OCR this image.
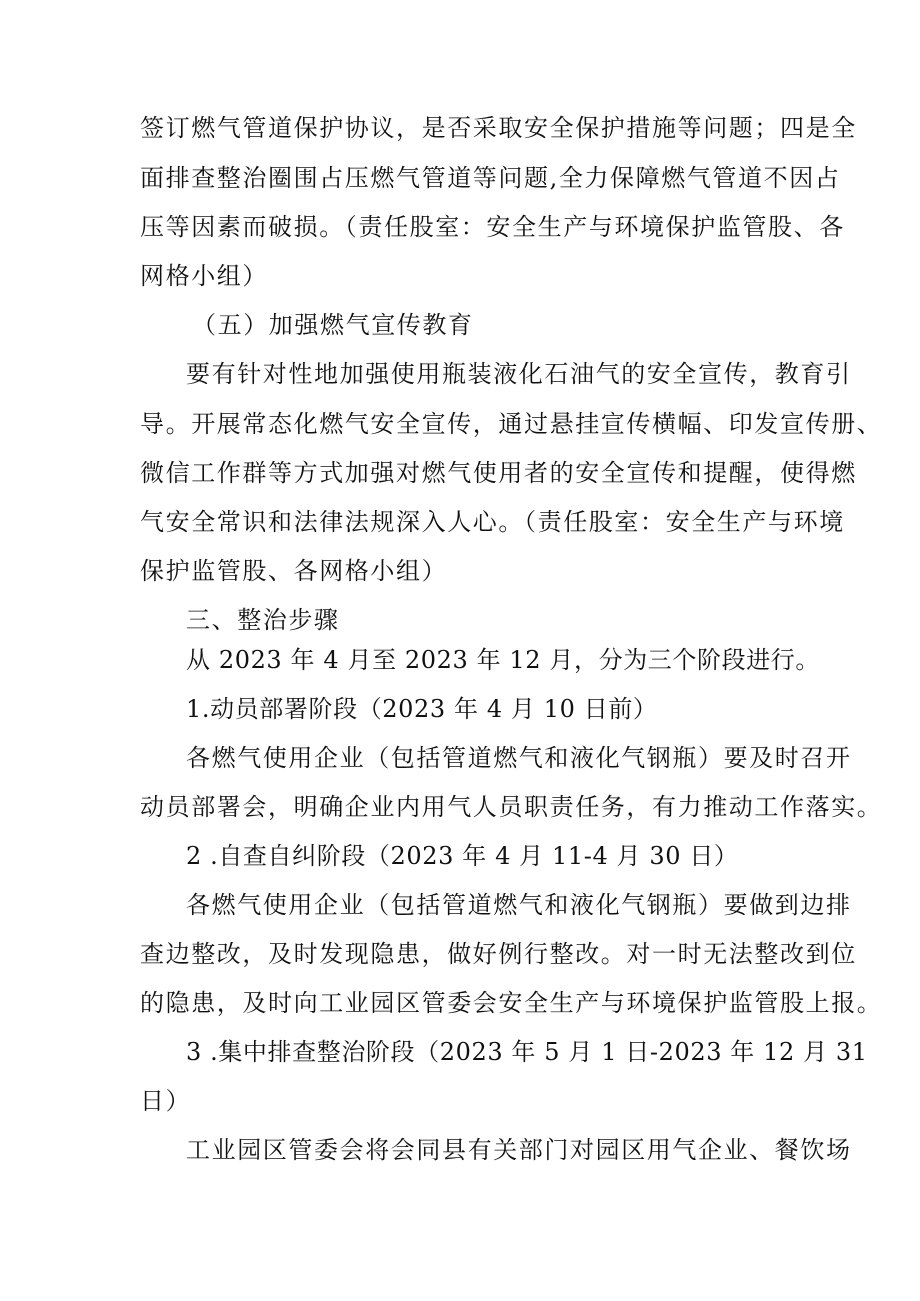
签订燃气管道保护协议，是否采取安全保护措施等问题；四是全
面排查整治圈围占压燃气管道等问题,全力保障燃气管道不因占
压等因素而破损。（责任股室：安全生产与环境保护监管股、各
网格小组）
（五）加强燃气宣传教育
要有针对性地加强使用瓶装液化石油气的安全宣传，教育引
导。开展常态化燃气安全宣传，通过悬挂宣传横幅、印发宣传册、
微信工作群等方式加强对燃气使用者的安全宣传和提醒，使得燃
气安全常识和法律法规深入人心。（责任股室：安全生产与环境
保护监管股、各网格小组）
三、整治步骤
从 2023 年 4 月至 2023 年 12 月，分为三个阶段进行。
1.动员部署阶段（2023 年 4 月 10 日前）
各燃气使用企业（包括管道燃气和液化气钢瓶）要及时召开
动员部署会，明确企业内用气人员职责任务，有力推动工作落实。
2 .自查自纠阶段（2023 年 4 月 11-4 月 30 日）
各燃气使用企业（包括管道燃气和液化气钢瓶）要做到边排
查边整改，及时发现隐患，做好例行整改。对一时无法整改到位
的隐患，及时向工业园区管委会安全生产与环境保护监管股上报。
3 .集中排查整治阶段（2023 年 5 月 1 日-2023 年 12 月 31
日）
工业园区管委会将会同县有关部门对园区用气企业、餐饮场
